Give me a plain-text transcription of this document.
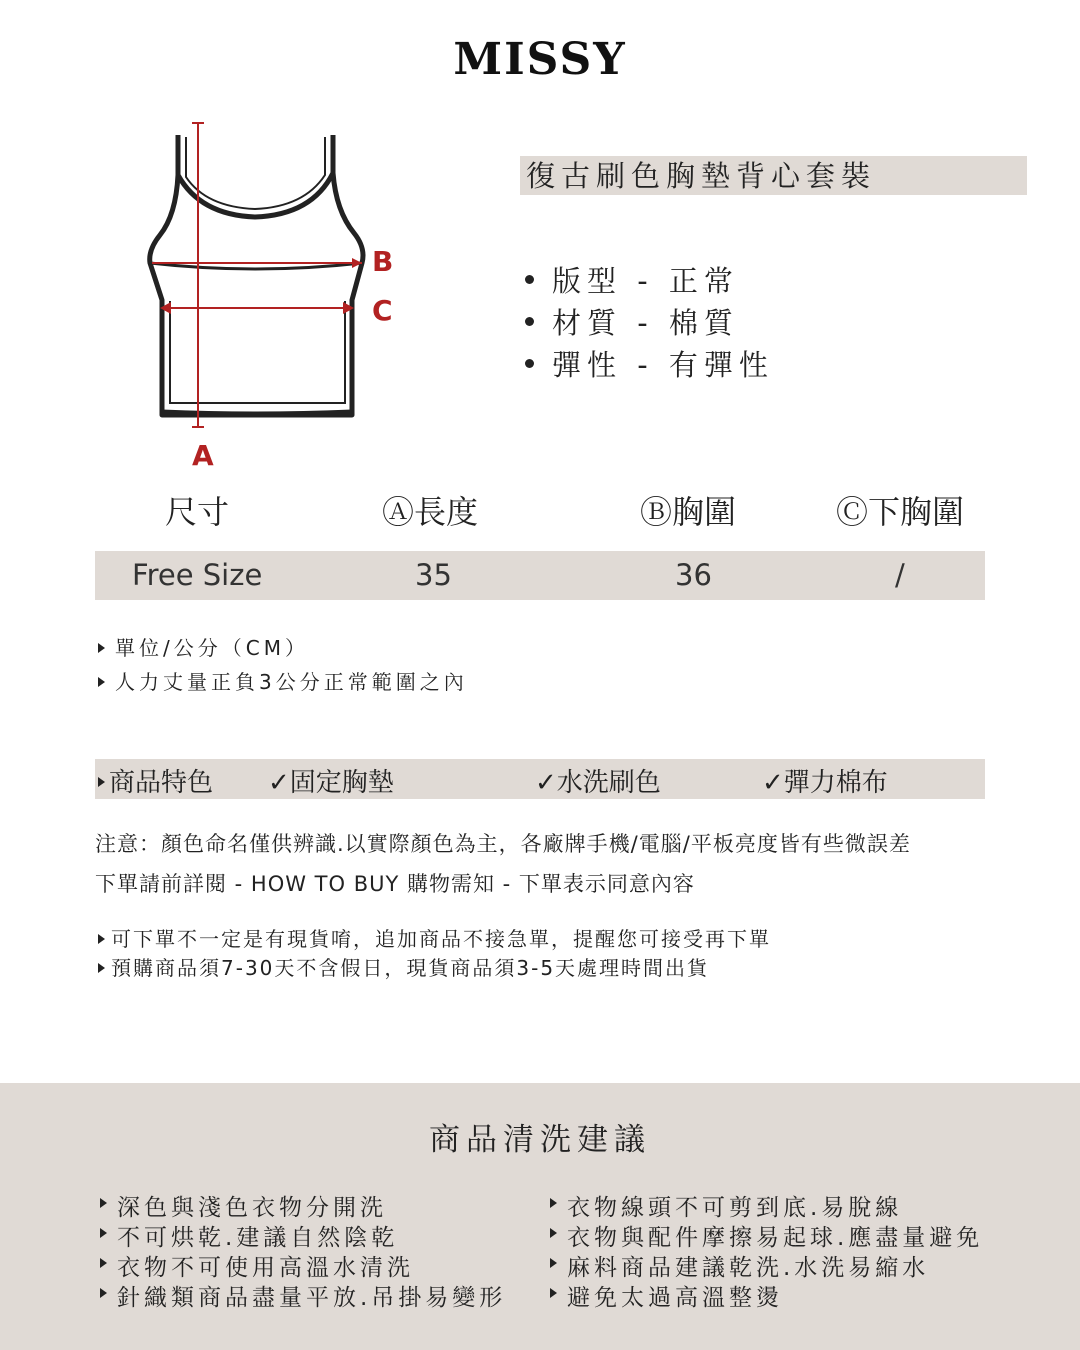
MISSY
B
C
A
復古刷色胸墊背心套裝
版型 - 正常
材質 - 棉質
彈性 - 有彈性
尺寸	Ⓐ長度	Ⓑ胸圍	Ⓒ下胸圍
Free Size	35	36	/
單位/公分（CM）
人力丈量正負3公分正常範圍之內
商品特色 ✓固定胸墊	✓水洗刷色	✓彈力棉布
注意：顏色命名僅供辨識.以實際顏色為主，各廠牌手機/電腦/平板亮度皆有些微誤差
下單請前詳閱 - HOW TO BUY 購物需知 - 下單表示同意內容
可下單不一定是有現貨唷，追加商品不接急單，提醒您可接受再下單
預購商品須7-30天不含假日，現貨商品須3-5天處理時間出貨
商品清洗建議
深色與淺色衣物分開洗
不可烘乾.建議自然陰乾
衣物不可使用高溫水清洗
針織類商品盡量平放.吊掛易變形
衣物線頭不可剪到底.易脫線
衣物與配件摩擦易起球.應盡量避免
麻料商品建議乾洗.水洗易縮水
避免太過高溫整燙
